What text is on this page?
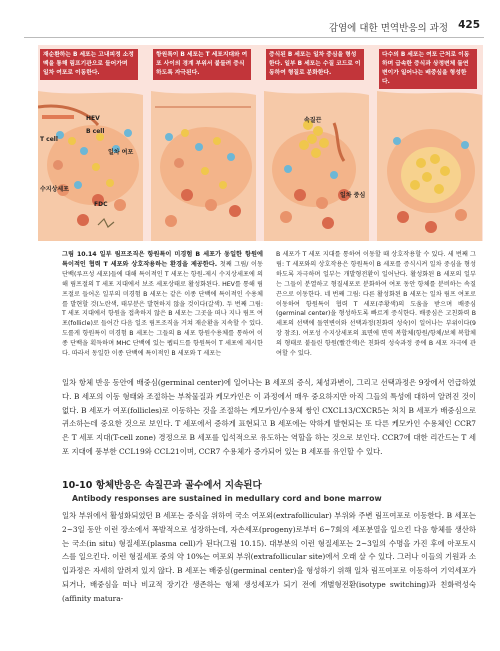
감염에 대한 면역반응의 과정 425
재순환하는 B 세포는 고내피정 소정맥을 통해 림프기관으로 들어가며 일차 여포로 이동한다.
HEV
T cell
B cell
일차 여포
수지상세포
FDC
항원특이 B 세포는 T 세포지대와 여포 사이의 경계 부위서 붙들려 증식하도록 자극된다.
증식된 B 세포는 일차 중심을 형성한다. 일부 B 세포는 수질 코드로 이동하여 형질로 분화한다.
속질끈
일차 중심
다수의 B 세포는 여포 근처로 이동하며 급속한 증식과 상정변체 돌연변이가 일어나는 배중심을 형성한다.
그림 10.14 일부 림프조직은 항원특이 미경험 B 세포가 동일한 항원에 특이적인 협력 T 세포와 상호작용하는 환경을 제공한다. 첫째 그림/ 이동 단백(루프성 세포)들에 대해 특이적인 T 세포는 항원-제시 수지상세포에 의해 림프절의 T 세포 지대에서 보조 세포상태로 활성화된다. HEV를 통해 림프절로 들어온 일부의 미경험 B 세포는 같은 이종 단백에 특이적인 수용체를 발현할 것(노란색, 태부분은 발현하지 않을 것이다(갈색). 두 번째 그림: T 세포 지대에서 항원을 접촉하지 않은 B 세포는 그곳을 떠나 지나 림프 여포(follicle)로 들어간 다음 일조 림프조직을 거쳐 재순환을 지속할 수 있다. 도롤게 항원특이 미경험 B 세포는 그들의 B 세포 항원수용체를 통하여 이종 단백을 획득하며 MHC 단백에 있는 펩티드를 항원특이 T 세포에 제시한다. 따라서 동일한 이종 단백에 특이적인 B 세포와 T 세포는
B 세포가 T 세포 지대를 통하여 이동할 때 상호작용할 수 있다. 세 번째 그림: T 세포와의 상호작용은 항원특이 B 세포를 증식시켜 일차 중심을 형성하도록 자극하며 일부는 개발형전환이 일어난다. 활성화된 B 세포의 일부는 그들이 분열하고 형질세포로 분화하여 여포 동안 항체를 분비하는 속질끈으로 이동한다. 네 번째 그림: 다른 활성화된 B 세포는 일차 림프 여포로 이동하여 항원특이 협력 T 세포(주황색)의 도움을 받으며 배중심(germinal center)을 형성하도록 빠르게 증식한다. 배중심은 고친화력 B 세포의 선택에 돌연변이와 선택과정(친화력 성숙)이 일어나는 부위이다(9장 참조). 여포성 수지상세포의 표면에 면역 복합체(항원/항체/보체 복합체의 형태로 붙들린 항원(빨간색)은 친화력 성숙과정 중에 B 세포 자극에 관여할 수 있다.

일차 항체 반응 동안에 배중심(germinal center)에 일어나는 B 세포의 증식, 체성과변이, 그리고 선택과정은 9장에서 언급하였다. B 세포의 이동 형태와 조절하는 부착물질과 케모카인은 이 과정에서 매우 중요하지만 아직 그들의 특성에 대하여 알려진 것이 없다. B 세포가 여포(follicles)로 이동하는 것을 조절하는 케모카인/수용체 쌍인 CXCL13/CXCR5는 처치 B 세포가 배중심으로 귀소하는데 중요한 것으로 보인다. T 세포에서 증하게 표현되고 B 세포에는 약하게 발현되는 또 다른 케모카인 수용체인 CCR7은 T 세포 지대(T-cell zone) 경정으로 B 세포를 입석적으로 유도하는 역할을 하는 것으로 보인다. CCR7에 대한 리간드는 T 세포 지대에 풍부한 CCL19와 CCL21이며, CCR7 수용체가 증가되어 있는 B 세포를 유인할 수 있다.

10-10 항체반응은 속질끈과 골수에서 지속된다
Antibody responses are sustained in medullary cord and bone marrow

일차 부위에서 활성화되었던 B 세포는 증식을 위하여 국소 여포외(extrafollicular) 부위와 주변 림프여포로 이동한다. B 세포는 2~3일 동안 이런 장소에서 폭발적으로 성장하는데, 자손세포(progeny)로부터 6~7회의 세포분열을 일으킨 다음 항체를 생산하는 국소(in situ) 형질세포(plasma cell)가 된다(그림 10.15). 대부분의 이런 형질세포는 2~3일의 수명을 가진 후에 아포토시스를 일으킨다. 이런 형질세포 중의 약 10%는 여포외 부위(extrafollicular site)에서 오래 살 수 있다. 그러나 이들의 기원과 소입과정은 자세히 알려져 있지 않다. B 세포는 배중심(germinal center)을 형성하기 위해 일차 림프여포로 이동하여 기억세포가 되거나, 배중심을 떠나 비교적 장기간 생존하는 형체 생성세포가 되기 전에 개별형전환(isotype switching)과 친화력성숙(affinity matura-
